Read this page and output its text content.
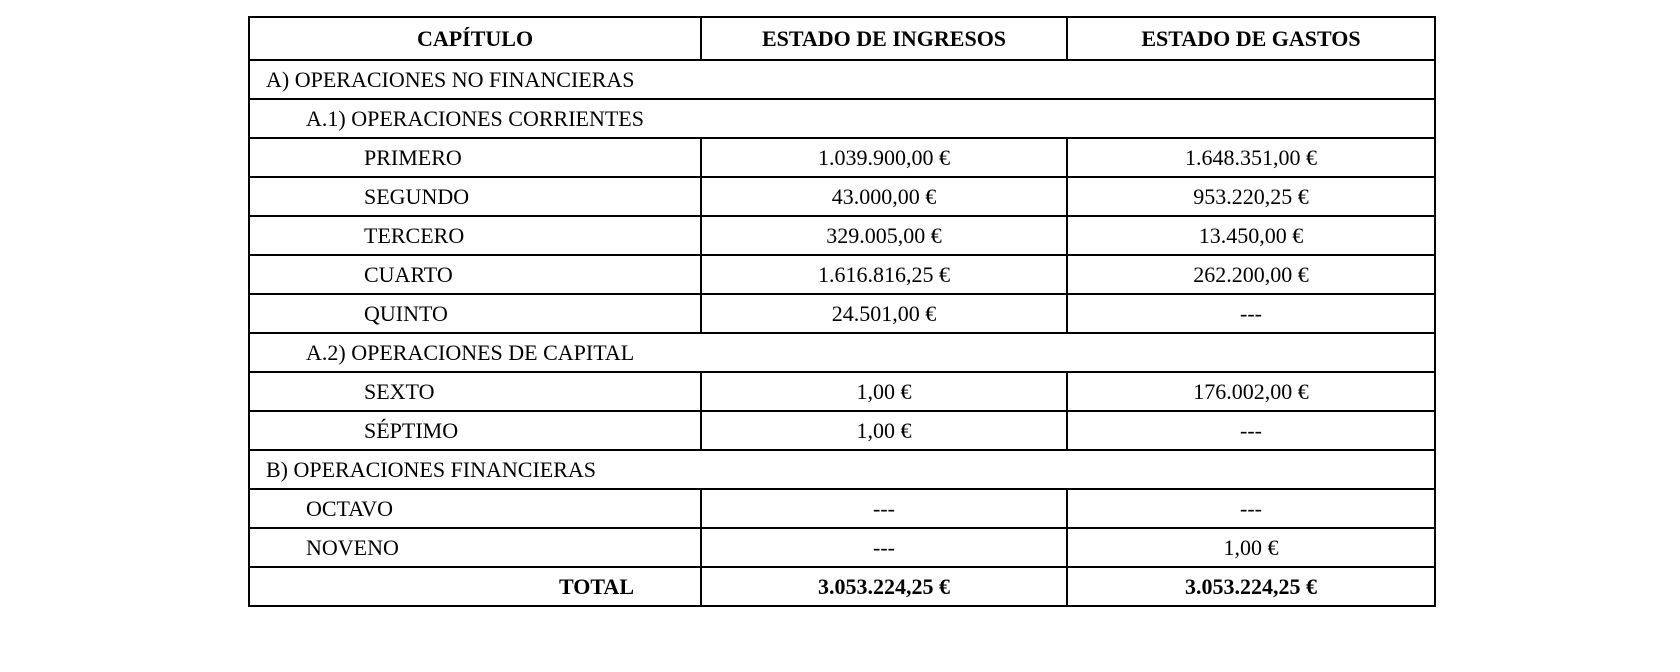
CAPÍTULO	ESTADO DE INGRESOS	ESTADO DE GASTOS
A) OPERACIONES NO FINANCIERAS		
A.1) OPERACIONES CORRIENTES		
PRIMERO	1.039.900,00 €	1.648.351,00 €
SEGUNDO	43.000,00 €	953.220,25 €
TERCERO	329.005,00 €	13.450,00 €
CUARTO	1.616.816,25 €	262.200,00 €
QUINTO	24.501,00 €	---
A.2) OPERACIONES DE CAPITAL		
SEXTO	1,00 €	176.002,00 €
SÉPTIMO	1,00 €	---
B) OPERACIONES FINANCIERAS		
OCTAVO	---	---
NOVENO	---	1,00 €
TOTAL	3.053.224,25 €	3.053.224,25 €
